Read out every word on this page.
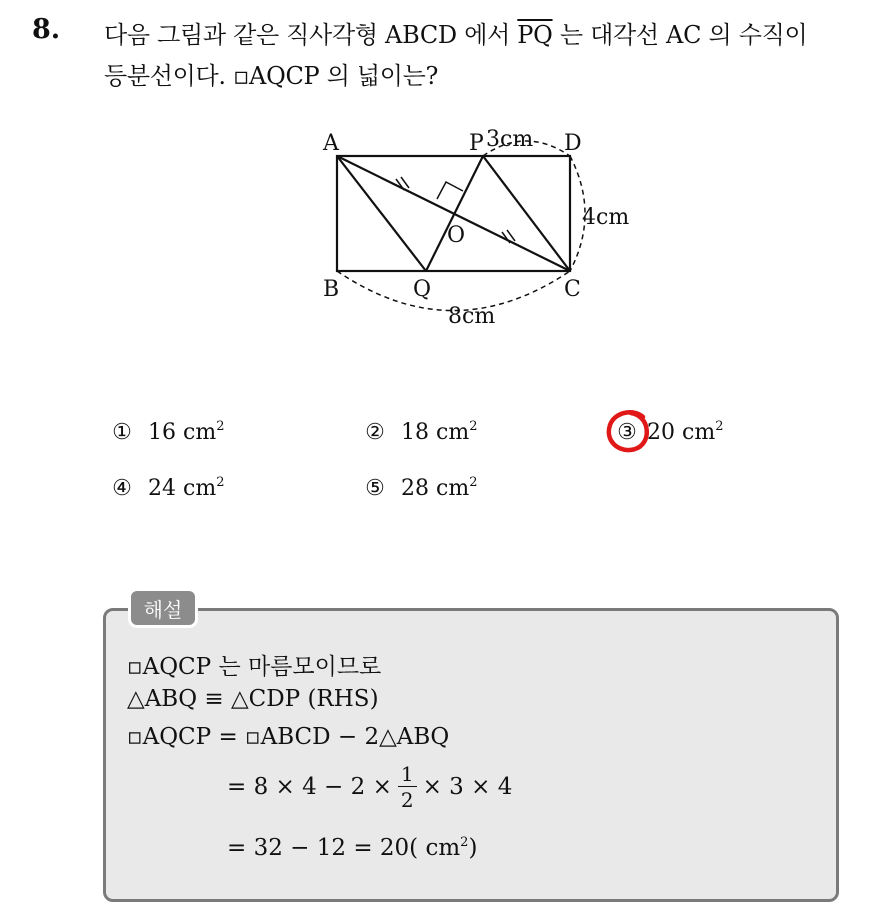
8. 다음 그림과 같은 직사각형 ABCD 에서 $\overline{PQ}$ 는 대각선 AC 의 수직이
등분선이다. ▫AQCP 의 넓이는?
A
B	C
D
P
Q
O
3cm
4cm
8cm
① 16 $cm^2$	② 18 $cm^2$	③ 20 $cm^2$
④ 24 $cm^2$	⑤ 28 $cm^2$
해설
▫AQCP 는 마름모이므로
△ABQ ≡ △CDP (RHS)
▫AQCP = ▫ABCD − 2△ABQ
= $8 \times 4 - 2 \times \frac{1}{2} \times 3 \times 4$
= 32 − 12 = 20( $cm^2$)
